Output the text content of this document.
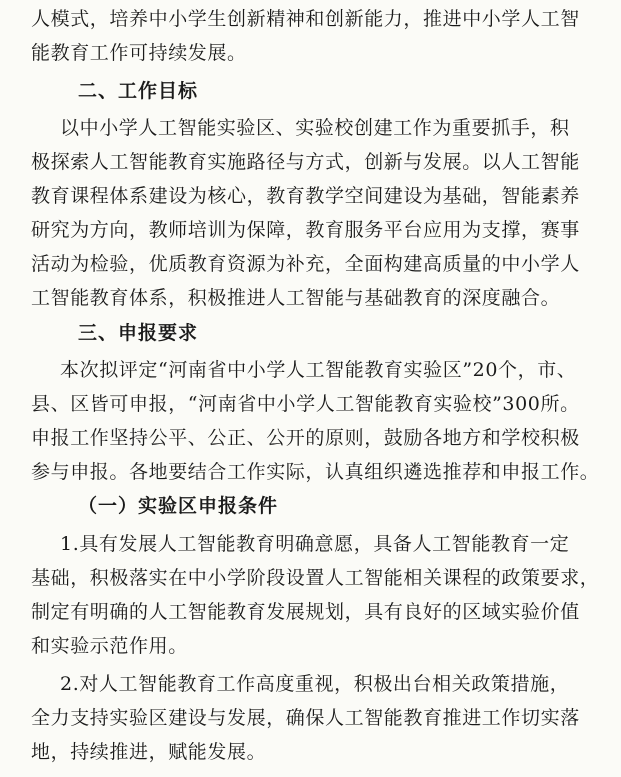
人模式，培养中小学生创新精神和创新能力，推进中小学人工智
能教育工作可持续发展。
二、工作目标
以中小学人工智能实验区、实验校创建工作为重要抓手，积
极探索人工智能教育实施路径与方式，创新与发展。以人工智能
教育课程体系建设为核心，教育教学空间建设为基础，智能素养
研究为方向，教师培训为保障，教育服务平台应用为支撑，赛事
活动为检验，优质教育资源为补充，全面构建高质量的中小学人
工智能教育体系，积极推进人工智能与基础教育的深度融合。
三、申报要求
本次拟评定“河南省中小学人工智能教育实验区”20个，市、
县、区皆可申报，“河南省中小学人工智能教育实验校”300所。
申报工作坚持公平、公正、公开的原则，鼓励各地方和学校积极
参与申报。各地要结合工作实际，认真组织遴选推荐和申报工作。
（一）实验区申报条件
1.具有发展人工智能教育明确意愿，具备人工智能教育一定
基础，积极落实在中小学阶段设置人工智能相关课程的政策要求，
制定有明确的人工智能教育发展规划，具有良好的区域实验价值
和实验示范作用。
2.对人工智能教育工作高度重视，积极出台相关政策措施，
全力支持实验区建设与发展，确保人工智能教育推进工作切实落
地，持续推进，赋能发展。
